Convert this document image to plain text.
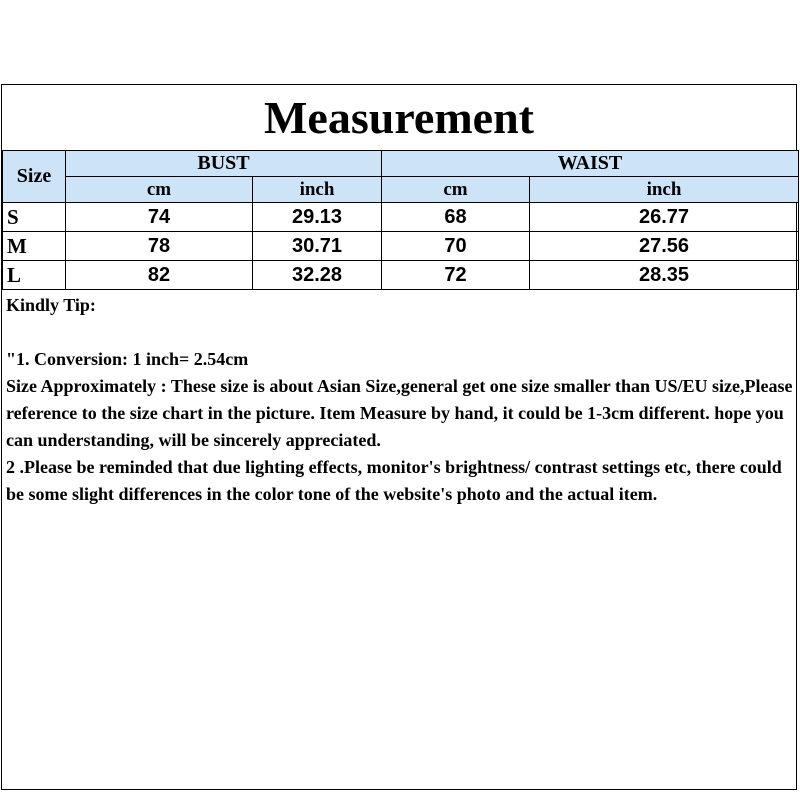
Measurement
Size	BUST		WAIST	
	cm	inch	cm	inch
S	74	29.13	68	26.77
M	78	30.71	70	27.56
L	82	32.28	72	28.35

Kindly Tip:

"1. Conversion: 1 inch= 2.54cm

Size Approximately : These size is about Asian Size,general get one size smaller than US/EU size,Please reference to the size chart in the picture. Item Measure by hand, it could be 1-3cm different. hope you can understanding, will be sincerely appreciated.

2 .Please be reminded that due lighting effects, monitor's brightness/ contrast settings etc, there could be some slight differences in the color tone of the website's photo and the actual item.
